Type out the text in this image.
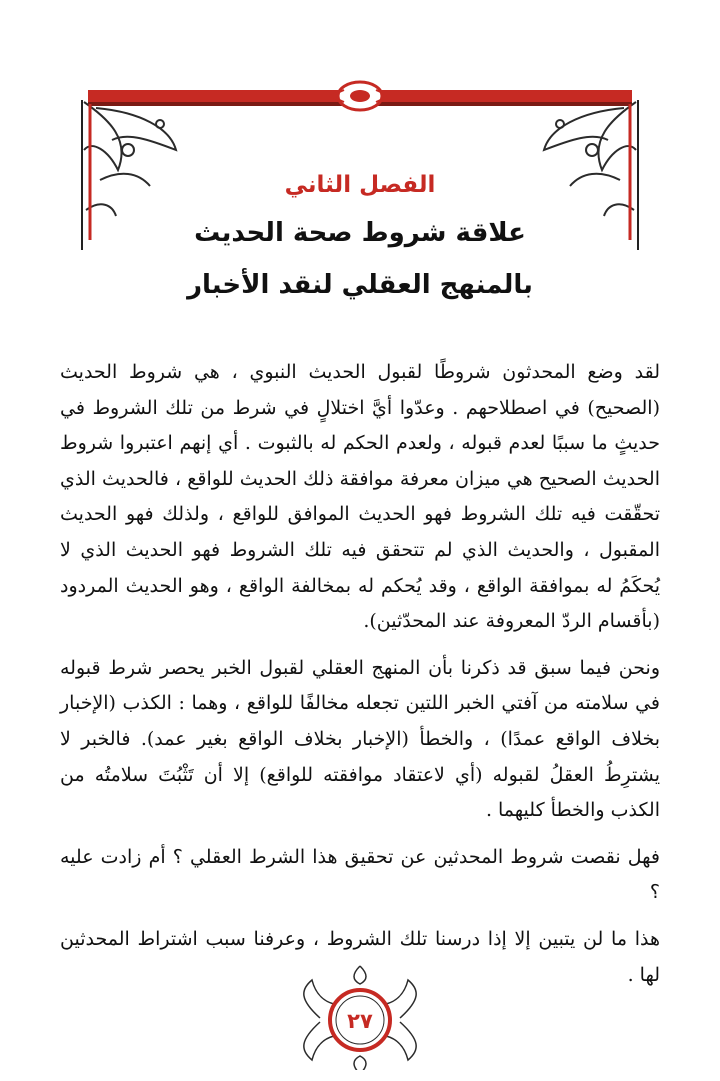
الفصل الثاني
علاقة شروط صحة الحديث
بالمنهج العقلي لنقد الأخبار

لقد وضع المحدثون شروطًا لقبول الحديث النبوي ، هي شروط الحديث (الصحيح) في اصطلاحهم . وعدّوا أيَّ اختلالٍ في شرط من تلك الشروط في حديثٍ ما سببًا لعدم قبوله ، ولعدم الحكم له بالثبوت . أي إنهم اعتبروا شروط الحديث الصحيح هي ميزان معرفة موافقة ذلك الحديث للواقع ، فالحديث الذي تحقّقت فيه تلك الشروط فهو الحديث الموافق للواقع ، ولذلك فهو الحديث المقبول ، والحديث الذي لم تتحقق فيه تلك الشروط فهو الحديث الذي لا يُحكَمُ له بموافقة الواقع ، وقد يُحكم له بمخالفة الواقع ، وهو الحديث المردود (بأقسام الردّ المعروفة عند المحدّثين).

ونحن فيما سبق قد ذكرنا بأن المنهج العقلي لقبول الخبر يحصر شرط قبوله في سلامته من آفتي الخبر اللتين تجعله مخالفًا للواقع ، وهما : الكذب (الإخبار بخلاف الواقع عمدًا) ، والخطأ (الإخبار بخلاف الواقع بغير عمد). فالخبر لا يشترِطُ العقلُ لقبوله (أي لاعتقاد موافقته للواقع) إلا أن تَثْبُتَ سلامتُه من الكذب والخطأ كليهما .

فهل نقصت شروط المحدثين عن تحقيق هذا الشرط العقلي ؟ أم زادت عليه ؟

هذا ما لن يتبين إلا إذا درسنا تلك الشروط ، وعرفنا سبب اشتراط المحدثين لها .

٢٧
